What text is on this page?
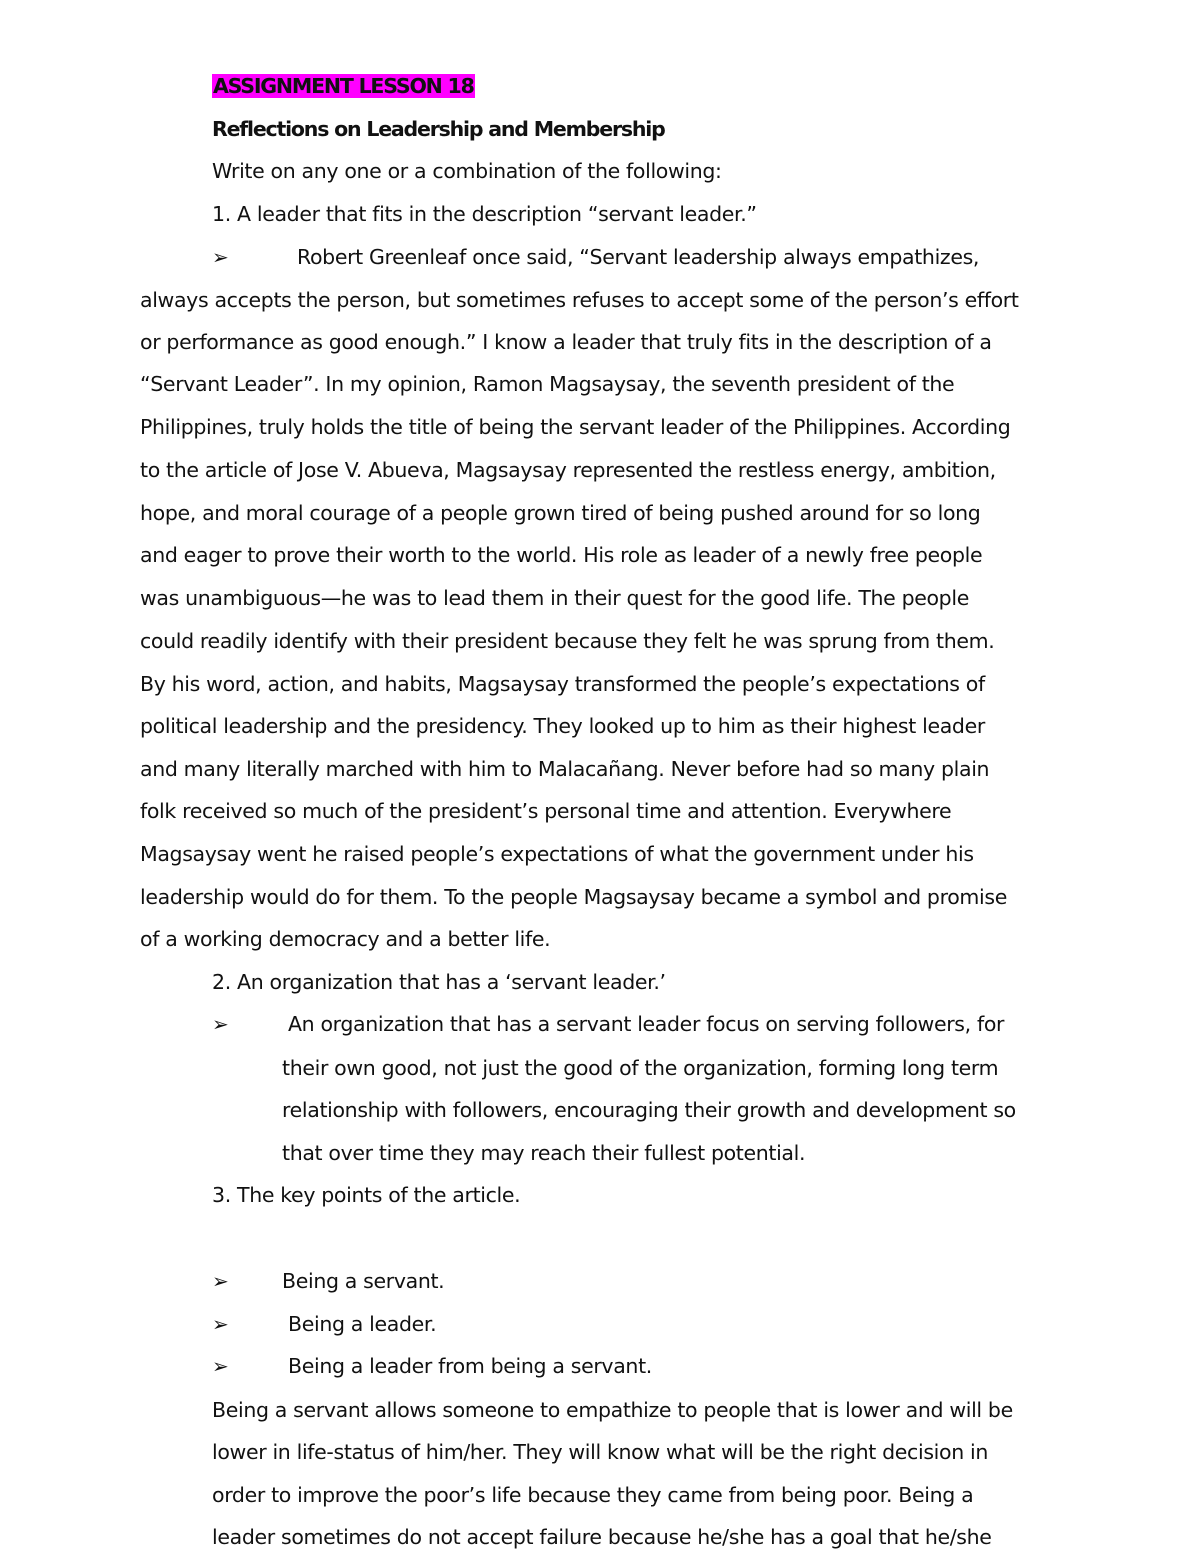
ASSIGNMENT LESSON 18
Reflections on Leadership and Membership
Write on any one or a combination of the following:
1. A leader that fits in the description “servant leader.”
➢	Robert Greenleaf once said, “Servant leadership always empathizes,
always accepts the person, but sometimes refuses to accept some of the person’s effort
or performance as good enough.” I know a leader that truly fits in the description of a
“Servant Leader”. In my opinion, Ramon Magsaysay, the seventh president of the
Philippines, truly holds the title of being the servant leader of the Philippines. According
to the article of Jose V. Abueva, Magsaysay represented the restless energy, ambition,
hope, and moral courage of a people grown tired of being pushed around for so long
and eager to prove their worth to the world. His role as leader of a newly free people
was unambiguous—he was to lead them in their quest for the good life. The people
could readily identify with their president because they felt he was sprung from them.
By his word, action, and habits, Magsaysay transformed the people’s expectations of
political leadership and the presidency. They looked up to him as their highest leader
and many literally marched with him to Malacañang. Never before had so many plain
folk received so much of the president’s personal time and attention. Everywhere
Magsaysay went he raised people’s expectations of what the government under his
leadership would do for them. To the people Magsaysay became a symbol and promise
of a working democracy and a better life.
2. An organization that has a ‘servant leader.’
➢	An organization that has a servant leader focus on serving followers, for
their own good, not just the good of the organization, forming long term
relationship with followers, encouraging their growth and development so
that over time they may reach their fullest potential.
3. The key points of the article.
➢	Being a servant.
➢	Being a leader.
➢	Being a leader from being a servant.
Being a servant allows someone to empathize to people that is lower and will be
lower in life-status of him/her. They will know what will be the right decision in
order to improve the poor’s life because they came from being poor. Being a
leader sometimes do not accept failure because he/she has a goal that he/she
